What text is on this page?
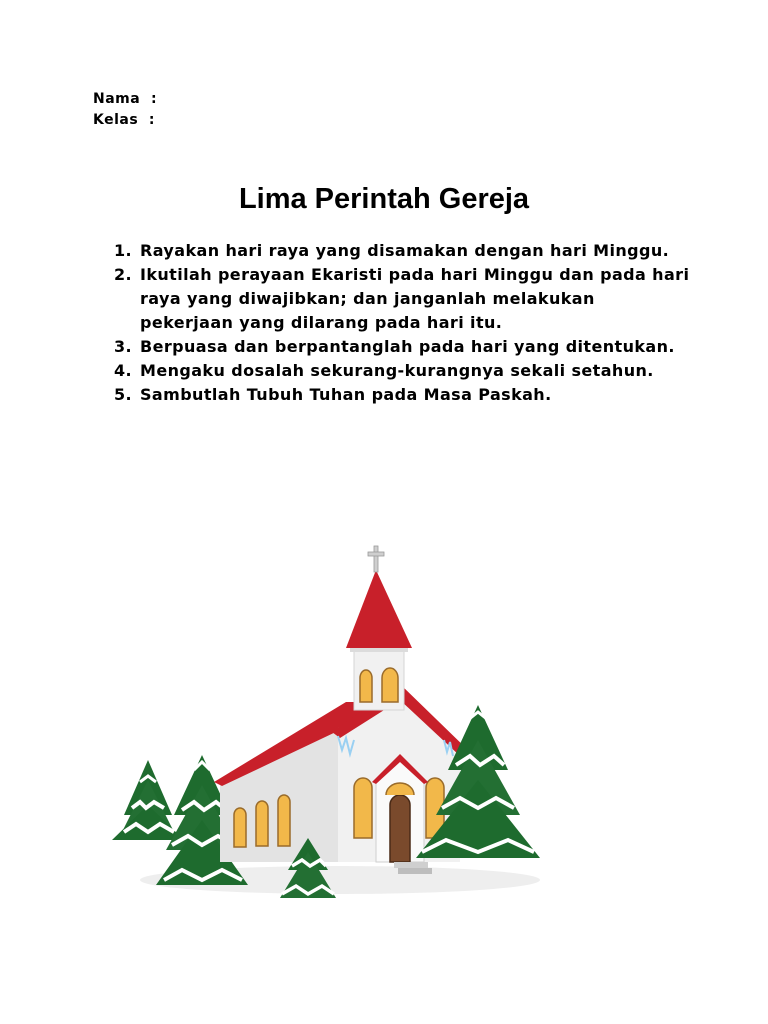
Nama  :
Kelas  :
Lima Perintah Gereja
1. Rayakan hari raya yang disamakan dengan hari Minggu.
2. Ikutilah perayaan Ekaristi pada hari Minggu dan pada hari raya yang diwajibkan; dan janganlah melakukan pekerjaan yang dilarang pada hari itu.
3. Berpuasa dan berpantanglah pada hari yang ditentukan.
4. Mengaku dosalah sekurang-kurangnya sekali setahun.
5. Sambutlah Tubuh Tuhan pada Masa Paskah.
